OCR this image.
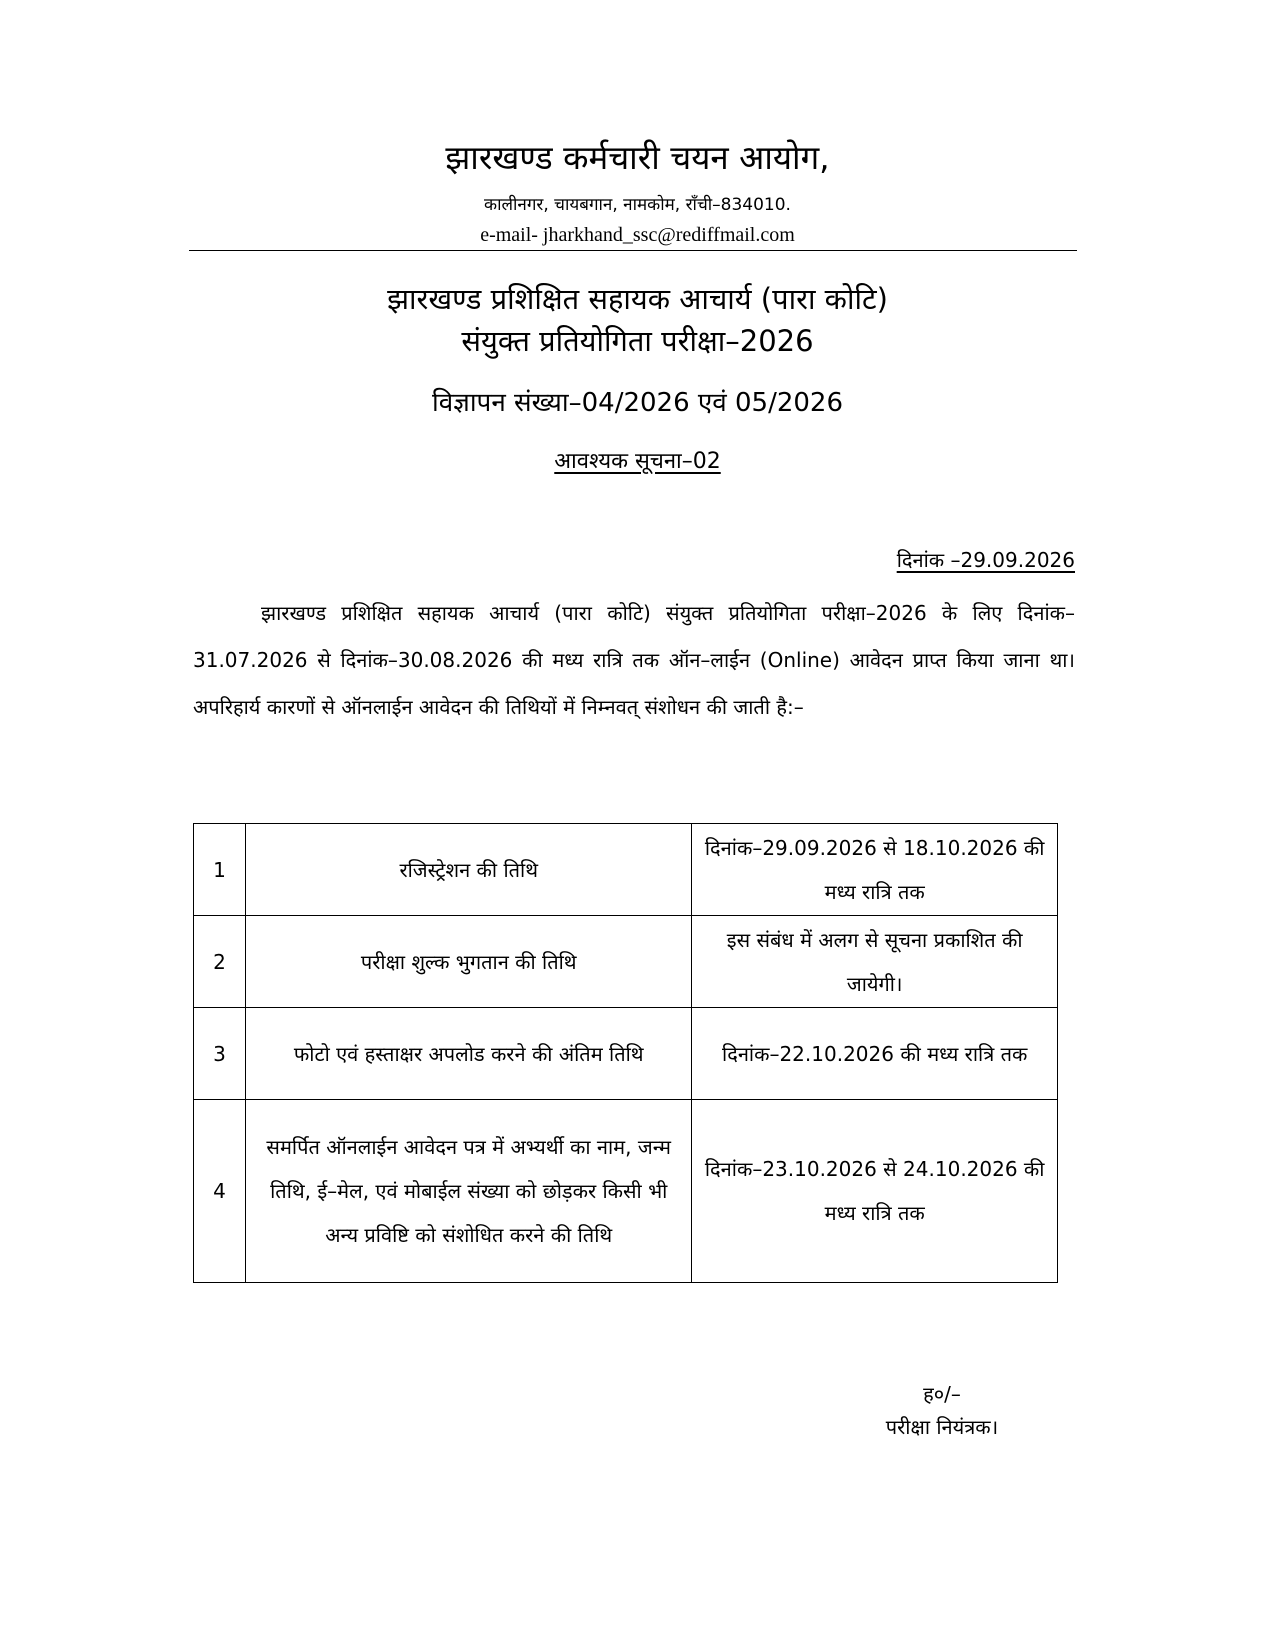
झारखण्ड कर्मचारी चयन आयोग,
कालीनगर, चायबगान, नामकोम, राँची–834010.
e-mail- jharkhand_ssc@rediffmail.com
झारखण्ड प्रशिक्षित सहायक आचार्य (पारा कोटि)
संयुक्त प्रतियोगिता परीक्षा–2026
विज्ञापन संख्या–04/2026 एवं 05/2026
आवश्यक सूचना–02
दिनांक –29.09.2026
झारखण्ड प्रशिक्षित सहायक आचार्य (पारा कोटि) संयुक्त प्रतियोगिता परीक्षा–2026 के लिए दिनांक–31.07.2026 से दिनांक–30.08.2026 की मध्य रात्रि तक ऑन–लाईन (Online) आवेदन प्राप्त किया जाना था। अपरिहार्य कारणों से ऑनलाईन आवेदन की तिथियों में निम्नवत् संशोधन की जाती है:–
1	रजिस्ट्रेशन की तिथि	दिनांक–29.09.2026 से 18.10.2026 की मध्य रात्रि तक
2	परीक्षा शुल्क भुगतान की तिथि	इस संबंध में अलग से सूचना प्रकाशित की जायेगी।
3	फोटो एवं हस्ताक्षर अपलोड करने की अंतिम तिथि	दिनांक–22.10.2026 की मध्य रात्रि तक
4	समर्पित ऑनलाईन आवेदन पत्र में अभ्यर्थी का नाम, जन्म तिथि, ई–मेल, एवं मोबाईल संख्या को छोड़कर किसी भी अन्य प्रविष्टि को संशोधित करने की तिथि	दिनांक–23.10.2026 से 24.10.2026 की मध्य रात्रि तक
ह०/–
परीक्षा नियंत्रक।
